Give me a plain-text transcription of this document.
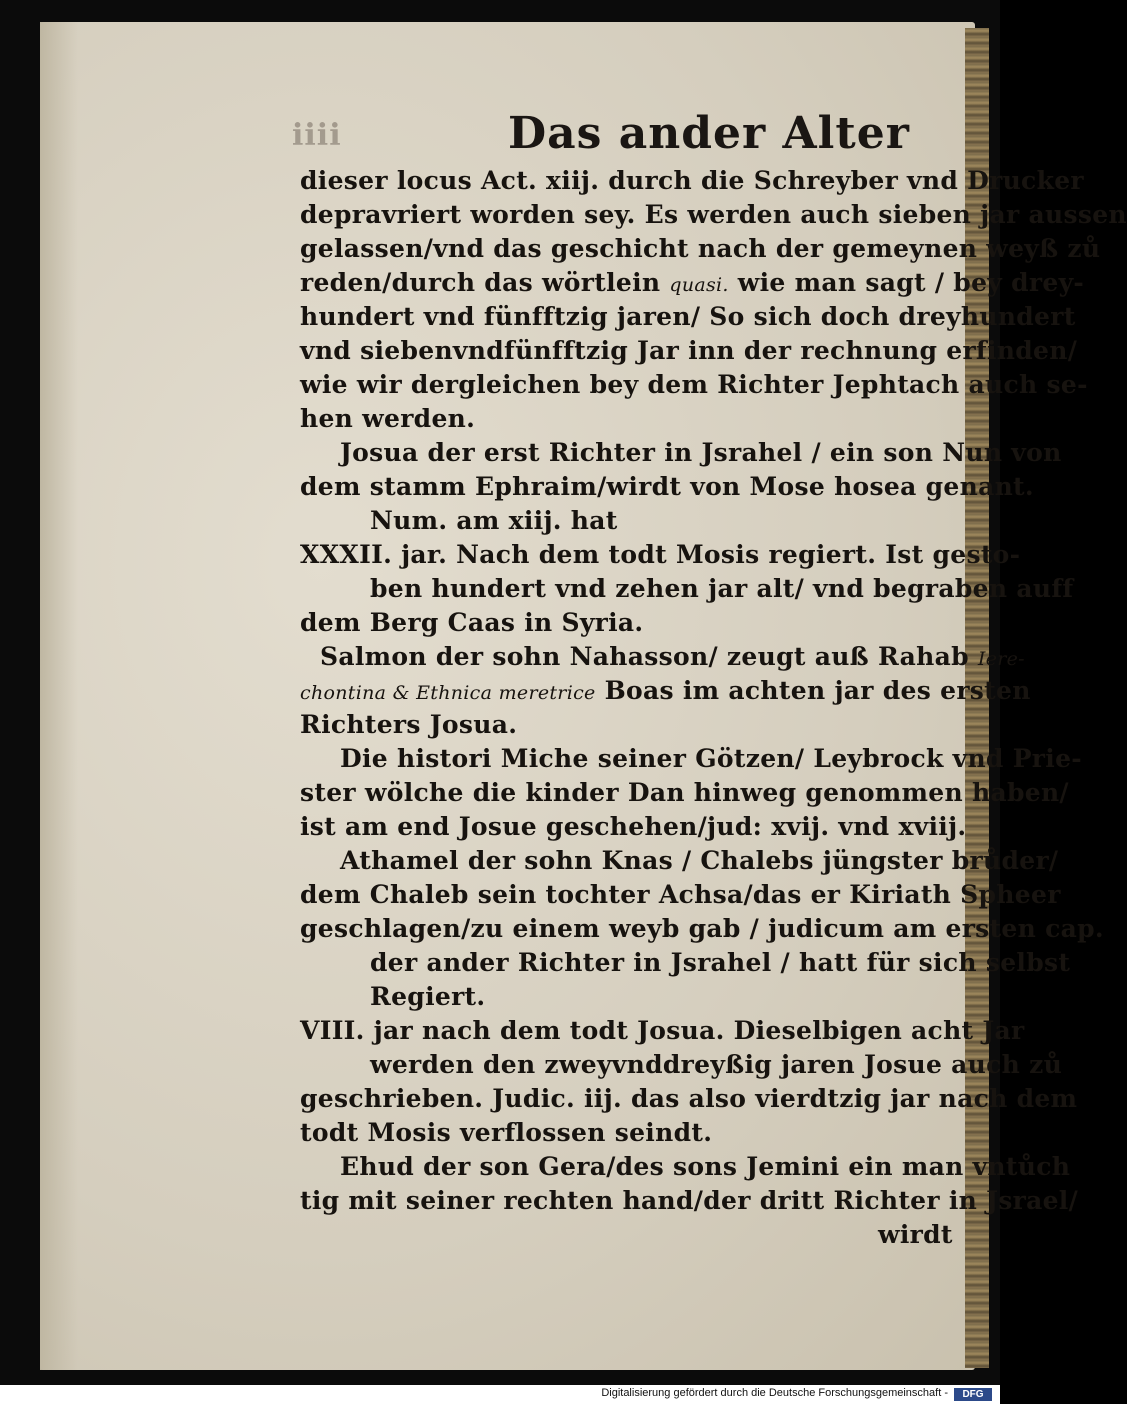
iiii	Das ander Alter
dieser locus Act. xiij. durch die Schreyber vnd Drucker
depravriert worden sey. Es werden auch sieben jar aussen
gelassen/vnd das geschicht nach der gemeynen weyß zů
reden/durch das wörtlein quasi. wie man sagt / bey drey-
hundert vnd fünfftzig jaren/ So sich doch dreyhundert
vnd siebenvndfünfftzig Jar inn der rechnung erfinden/
wie wir dergleichen bey dem Richter Jephtach auch se-
hen werden.
Josua der erst Richter in Jsrahel / ein son Nun von
dem stamm Ephraim/wirdt von Mose hosea genant.
Num. am xiij. hat
XXXII. jar. Nach dem todt Mosis regiert. Ist gesto-
ben hundert vnd zehen jar alt/ vnd begraben auff
dem Berg Caas in Syria.
Salmon der sohn Nahasson/ zeugt auß Rahab Iere-
chontina & Ethnica meretrice Boas im achten jar des ersten
Richters Josua.
Die histori Miche seiner Götzen/ Leybrock vnd Prie-
ster wölche die kinder Dan hinweg genommen haben/
ist am end Josue geschehen/jud: xvij. vnd xviij.
Athamel der sohn Knas / Chalebs jüngster brůder/
dem Chaleb sein tochter Achsa/das er Kiriath Spheer
geschlagen/zu einem weyb gab / judicum am ersten cap.
der ander Richter in Jsrahel / hatt für sich selbst
Regiert.
VIII. jar nach dem todt Josua. Dieselbigen acht Jar
werden den zweyvnddreyßig jaren Josue auch zů
geschrieben. Judic. iij. das also vierdtzig jar nach dem
todt Mosis verflossen seindt.
Ehud der son Gera/des sons Jemini ein man vntůch
tig mit seiner rechten hand/der dritt Richter in Jsrael/
wirdt
Digitalisierung gefördert durch die Deutsche Forschungsgemeinschaft -	DFG
